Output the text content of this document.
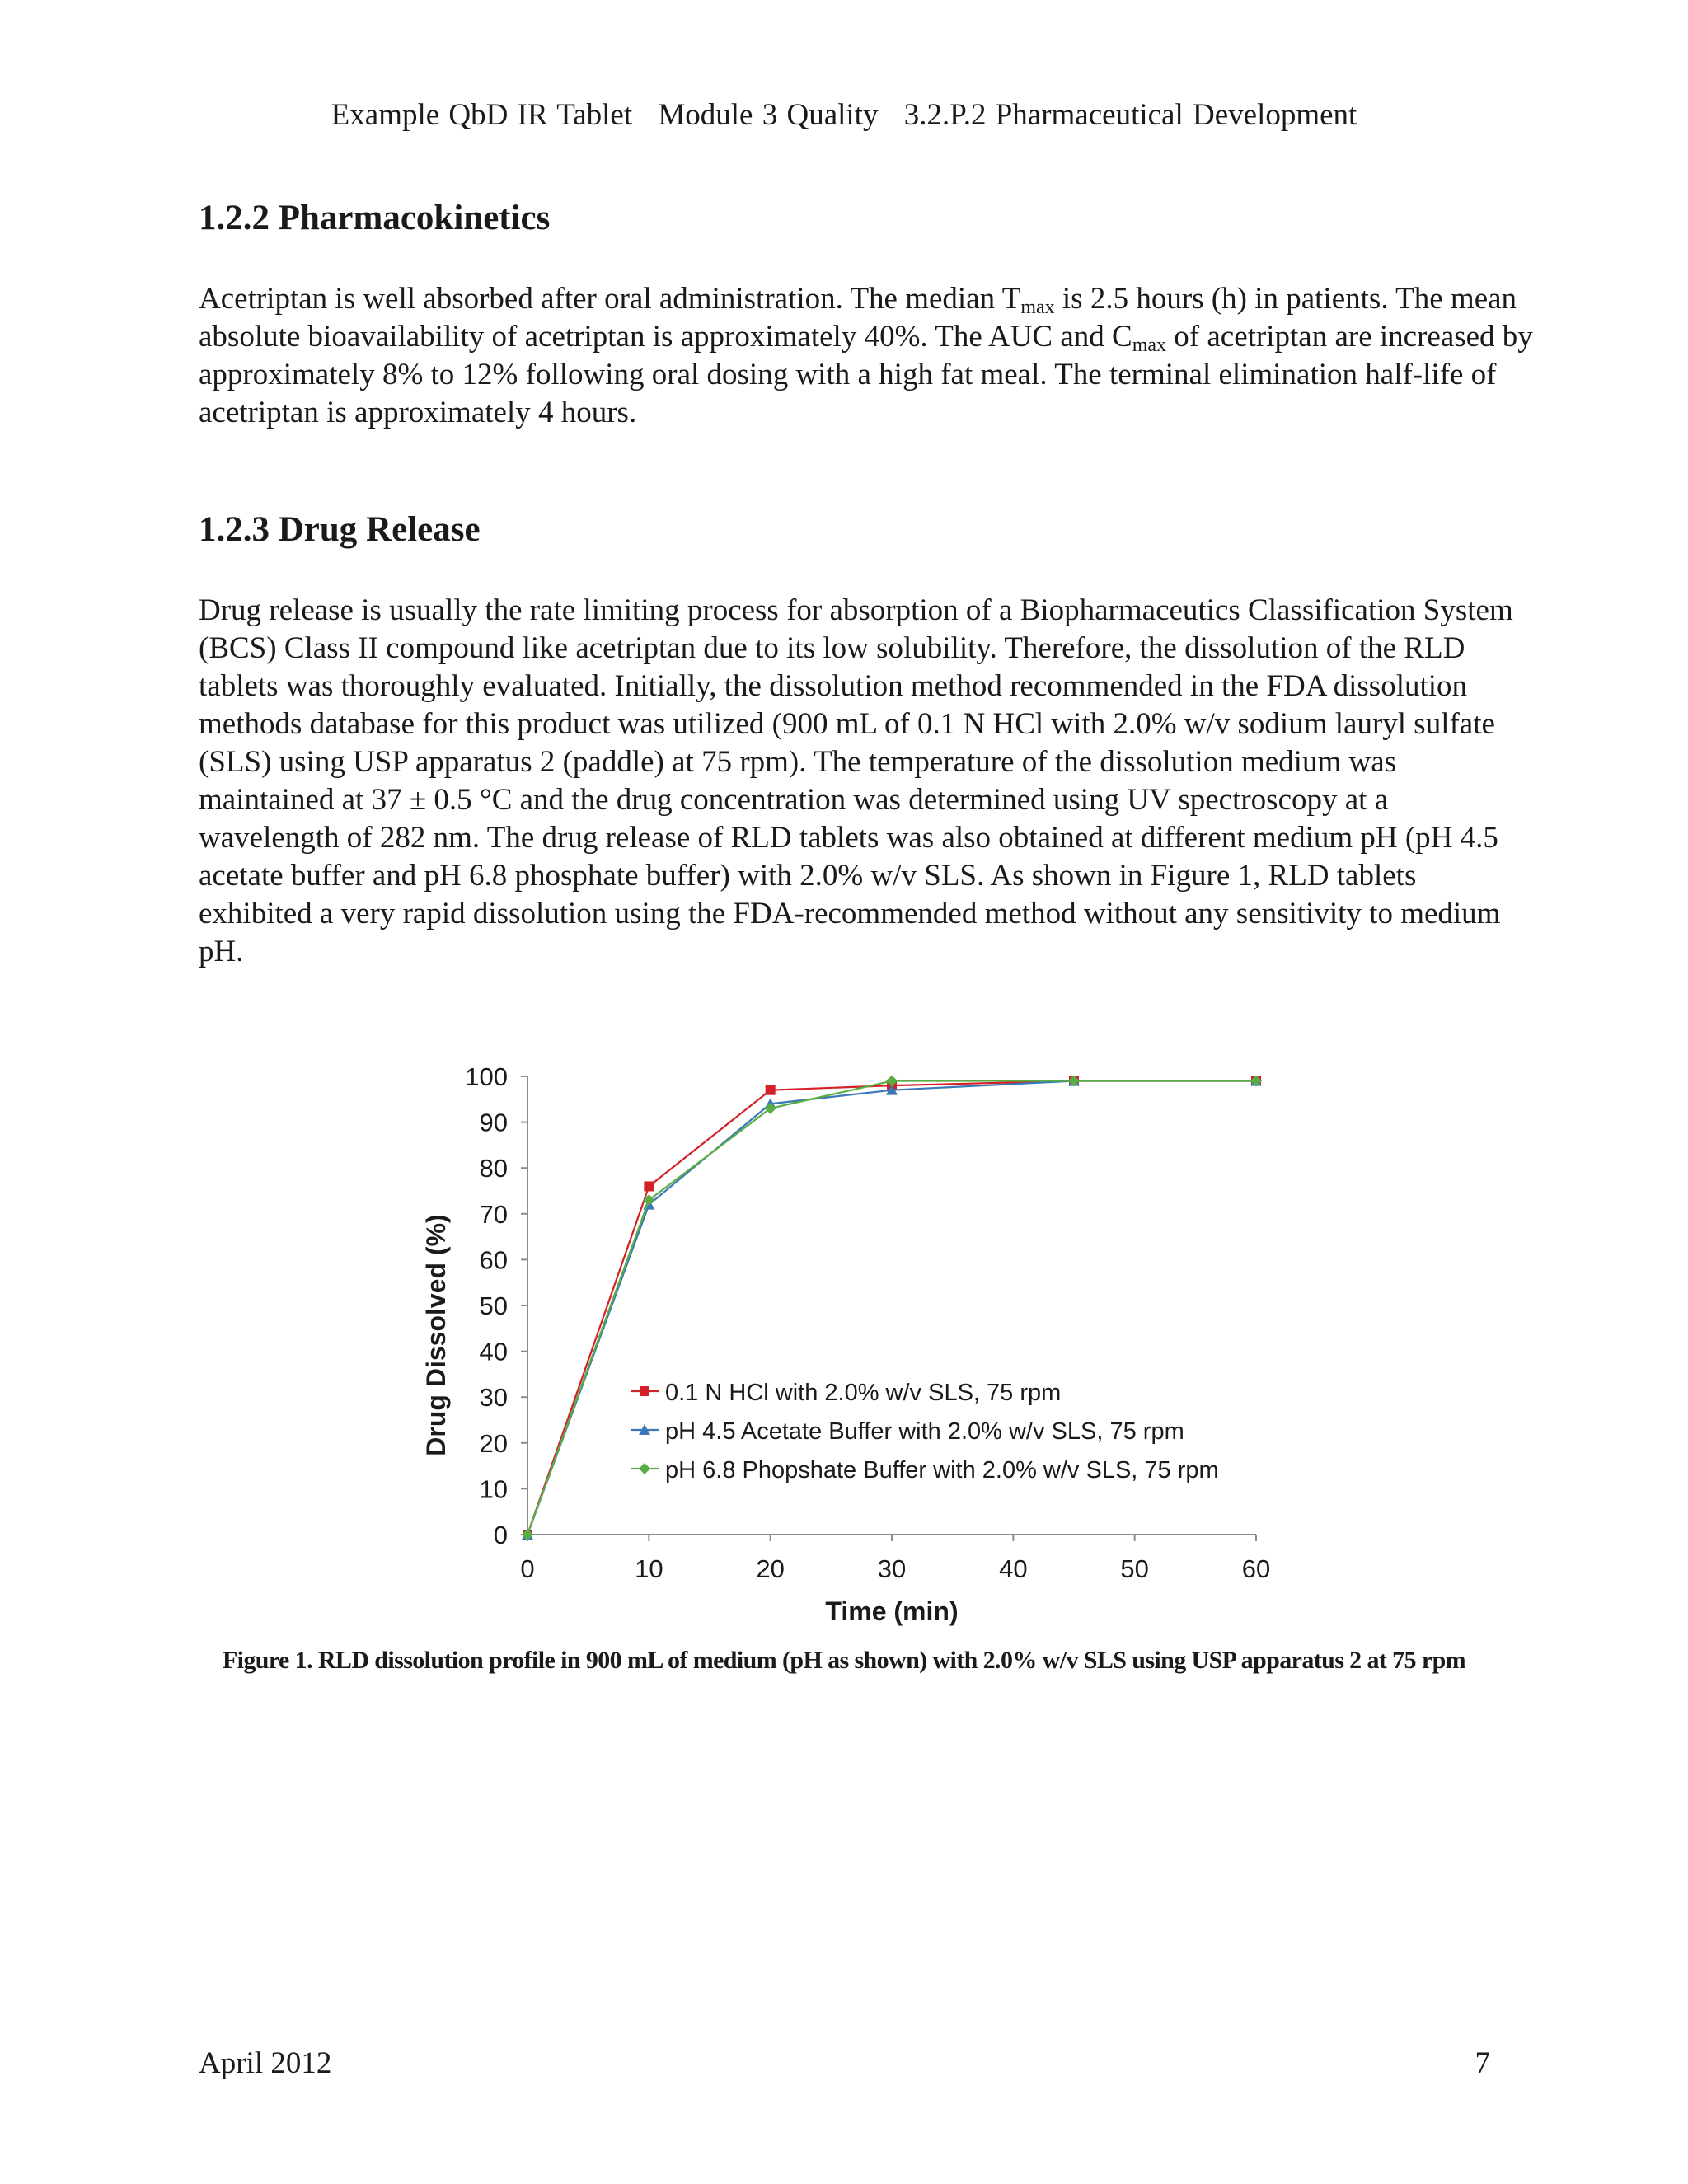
Example QbD IR Tablet Module 3 Quality 3.2.P.2 Pharmaceutical Development
1.2.2 Pharmacokinetics

Acetriptan is well absorbed after oral administration. The median $T_{max}$ is 2.5 hours (h) in patients. The mean absolute bioavailability of acetriptan is approximately 40%. The AUC and $C_{max}$ of acetriptan are increased by approximately 8% to 12% following oral dosing with a high fat meal. The terminal elimination half-life of acetriptan is approximately 4 hours.

1.2.3 Drug Release

Drug release is usually the rate limiting process for absorption of a Biopharmaceutics Classification System (BCS) Class II compound like acetriptan due to its low solubility. Therefore, the dissolution of the RLD tablets was thoroughly evaluated. Initially, the dissolution method recommended in the FDA dissolution methods database for this product was utilized (900 mL of 0.1 N HCl with 2.0% w/v sodium lauryl sulfate (SLS) using USP apparatus 2 (paddle) at 75 rpm). The temperature of the dissolution medium was maintained at 37 ± 0.5 °C and the drug concentration was determined using UV spectroscopy at a wavelength of 282 nm. The drug release of RLD tablets was also obtained at different medium pH (pH 4.5 acetate buffer and pH 6.8 phosphate buffer) with 2.0% w/v SLS. As shown in Figure 1, RLD tablets exhibited a very rapid dissolution using the FDA-recommended method without any sensitivity to medium pH.

0
10
20
30
40
50
60
70
80
90
100
0	10	20	30	40	50	60
0.1 N HCl with 2.0% w/v SLS, 75 rpm
pH 4.5 Acetate Buffer with 2.0% w/v SLS, 75 rpm
pH 6.8 Phopshate Buffer with 2.0% w/v SLS, 75 rpm
Time (min)
Drug Dissolved (%)
Figure 1. RLD dissolution profile in 900 mL of medium (pH as shown) with 2.0% w/v SLS using USP apparatus 2 at 75 rpm
April 2012	7
